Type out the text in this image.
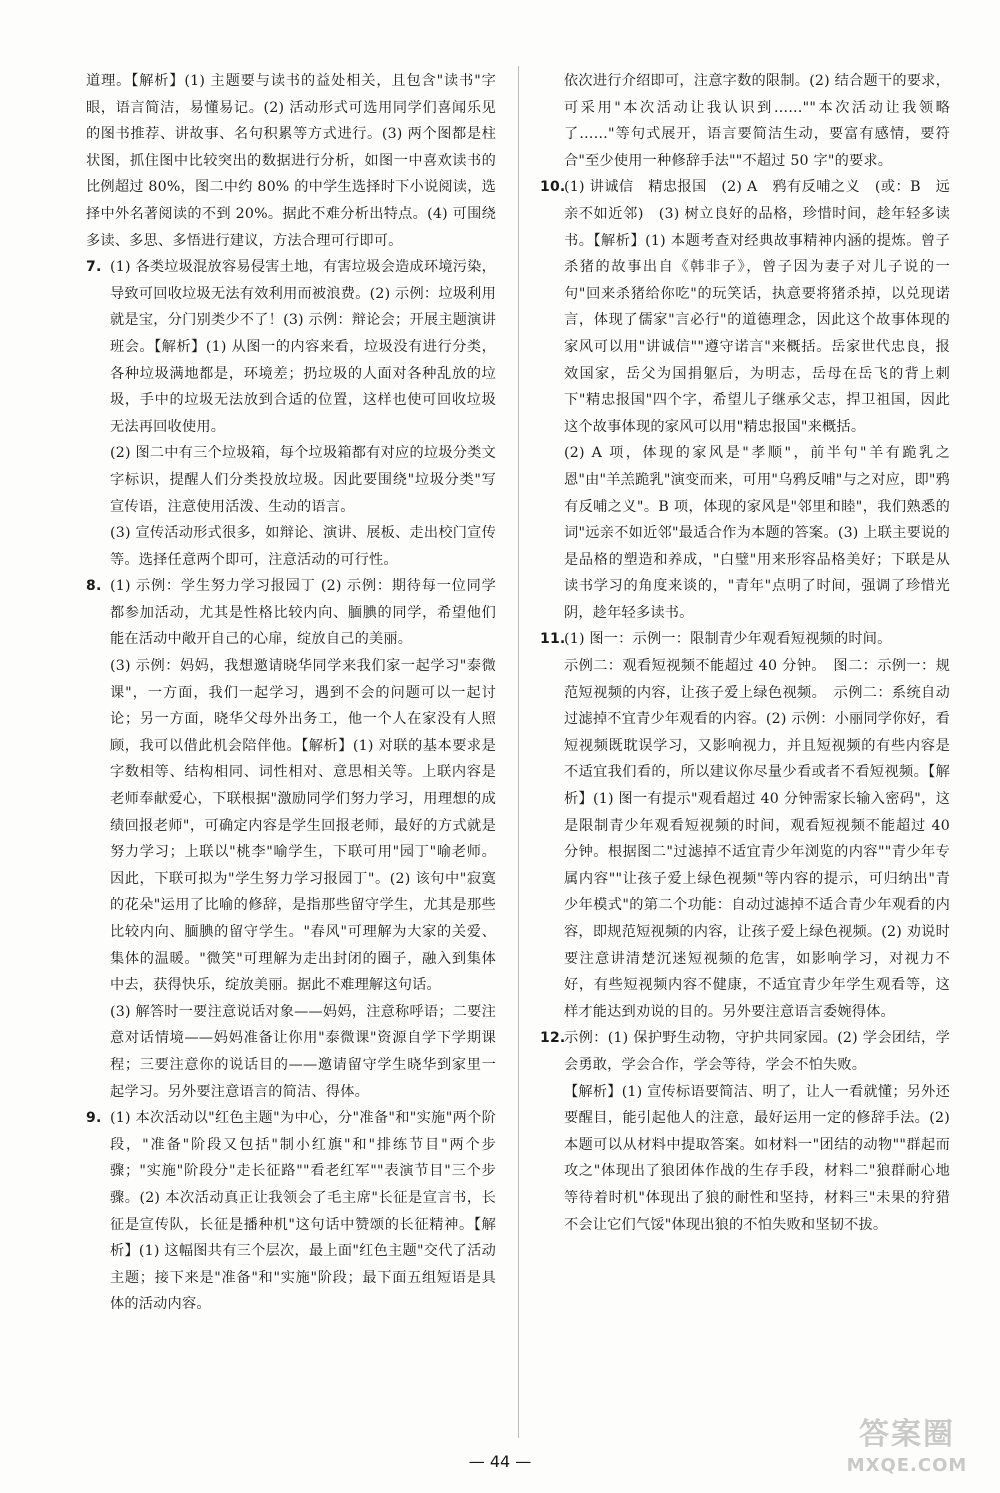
道理。【解析】(1) 主题要与读书的益处相关，且包含"读书"字眼，语言简洁，易懂易记。(2) 活动形式可选用同学们喜闻乐见的图书推荐、讲故事、名句积累等方式进行。(3) 两个图都是柱状图，抓住图中比较突出的数据进行分析，如图一中喜欢读书的比例超过 80%，图二中约 80% 的中学生选择时下小说阅读，选择中外名著阅读的不到 20%。据此不难分析出特点。(4) 可围绕多读、多思、多悟进行建议，方法合理可行即可。

7. (1) 各类垃圾混放容易侵害土地，有害垃圾会造成环境污染，导致可回收垃圾无法有效利用而被浪费。(2) 示例：垃圾利用就是宝，分门别类少不了！(3) 示例：辩论会；开展主题演讲班会。【解析】(1) 从图一的内容来看，垃圾没有进行分类，各种垃圾满地都是，环境差；扔垃圾的人面对各种乱放的垃圾，手中的垃圾无法放到合适的位置，这样也使可回收垃圾无法再回收使用。

(2) 图二中有三个垃圾箱，每个垃圾箱都有对应的垃圾分类文字标识，提醒人们分类投放垃圾。因此要围绕"垃圾分类"写宣传语，注意使用活泼、生动的语言。

(3) 宣传活动形式很多，如辩论、演讲、展板、走出校门宣传等。选择任意两个即可，注意活动的可行性。

8. (1) 示例：学生努力学习报园丁 (2) 示例：期待每一位同学都参加活动，尤其是性格比较内向、腼腆的同学，希望他们能在活动中敞开自己的心扉，绽放自己的美丽。

(3) 示例：妈妈，我想邀请晓华同学来我们家一起学习"泰微课"，一方面，我们一起学习，遇到不会的问题可以一起讨论；另一方面，晓华父母外出务工，他一个人在家没有人照顾，我可以借此机会陪伴他。【解析】(1) 对联的基本要求是字数相等、结构相同、词性相对、意思相关等。上联内容是老师奉献爱心，下联根据"激励同学们努力学习，用理想的成绩回报老师"，可确定内容是学生回报老师，最好的方式就是努力学习；上联以"桃李"喻学生，下联可用"园丁"喻老师。因此，下联可拟为"学生努力学习报园丁"。(2) 该句中"寂寞的花朵"运用了比喻的修辞，是指那些留守学生，尤其是那些比较内向、腼腆的留守学生。"春风"可理解为大家的关爱、集体的温暖。"微笑"可理解为走出封闭的圈子，融入到集体中去，获得快乐，绽放美丽。据此不难理解这句话。

(3) 解答时一要注意说话对象——妈妈，注意称呼语；二要注意对话情境——妈妈准备让你用"泰微课"资源自学下学期课程；三要注意你的说话目的——邀请留守学生晓华到家里一起学习。另外要注意语言的简洁、得体。

9. (1) 本次活动以"红色主题"为中心，分"准备"和"实施"两个阶段，"准备"阶段又包括"制小红旗"和"排练节目"两个步骤；"实施"阶段分"走长征路""看老红军""表演节目"三个步骤。(2) 本次活动真正让我领会了毛主席"长征是宣言书，长征是宣传队，长征是播种机"这句话中赞颂的长征精神。【解析】(1) 这幅图共有三个层次，最上面"红色主题"交代了活动主题；接下来是"准备"和"实施"阶段；最下面五组短语是具体的活动内容。

依次进行介绍即可，注意字数的限制。(2) 结合题干的要求，可采用"本次活动让我认识到……""本次活动让我领略了……"等句式展开，语言要简洁生动，要富有感情，要符合"至少使用一种修辞手法""不超过 50 字"的要求。

10.

(1) 讲诚信　精忠报国　(2) A　鸦有反哺之义　(或：B　远亲不如近邻)　(3) 树立良好的品格，珍惜时间，趁年轻多读书。【解析】(1) 本题考查对经典故事精神内涵的提炼。曾子杀猪的故事出自《韩非子》，曾子因为妻子对儿子说的一句"回来杀猪给你吃"的玩笑话，执意要将猪杀掉，以兑现诺言，体现了儒家"言必行"的道德理念，因此这个故事体现的家风可以用"讲诚信""遵守诺言"来概括。岳家世代忠良，报效国家，岳父为国捐躯后，为明志，岳母在岳飞的背上刺下"精忠报国"四个字，希望儿子继承父志，捍卫祖国，因此这个故事体现的家风可以用"精忠报国"来概括。

(2) A 项，体现的家风是"孝顺"，前半句"羊有跪乳之恩"由"羊羔跪乳"演变而来，可用"乌鸦反哺"与之对应，即"鸦有反哺之义"。B 项，体现的家风是"邻里和睦"，我们熟悉的词"远亲不如近邻"最适合作为本题的答案。(3) 上联主要说的是品格的塑造和养成，"白璧"用来形容品格美好；下联是从读书学习的角度来谈的，"青年"点明了时间，强调了珍惜光阴，趁年轻多读书。

11.

(1) 图一：示例一：限制青少年观看短视频的时间。

示例二：观看短视频不能超过 40 分钟。　图二：示例一：规范短视频的内容，让孩子爱上绿色视频。　示例二：系统自动过滤掉不宜青少年观看的内容。(2) 示例：小丽同学你好，看短视频既耽误学习，又影响视力，并且短视频的有些内容是不适宜我们看的，所以建议你尽量少看或者不看短视频。【解析】(1) 图一有提示"观看超过 40 分钟需家长输入密码"，这是限制青少年观看短视频的时间，观看短视频不能超过 40 分钟。根据图二"过滤掉不适宜青少年浏览的内容""青少年专属内容""让孩子爱上绿色视频"等内容的提示，可归纳出"青少年模式"的第二个功能：自动过滤掉不适合青少年观看的内容，即规范短视频的内容，让孩子爱上绿色视频。(2) 劝说时要注意讲清楚沉迷短视频的危害，如影响学习，对视力不好，有些短视频内容不健康，不适宜青少年学生观看等，这样才能达到劝说的目的。另外要注意语言委婉得体。

12.

示例：(1) 保护野生动物，守护共同家园。(2) 学会团结，学会勇敢，学会合作，学会等待，学会不怕失败。

【解析】(1) 宣传标语要简洁、明了，让人一看就懂；另外还要醒目，能引起他人的注意，最好运用一定的修辞手法。(2) 本题可以从材料中提取答案。如材料一"团结的动物""群起而攻之"体现出了狼团体作战的生存手段，材料二"狼群耐心地等待着时机"体现出了狼的耐性和坚持，材料三"未果的狩猎不会让它们气馁"体现出狼的不怕失败和坚韧不拔。

— 44 —
答案圈
MXQE.COM
